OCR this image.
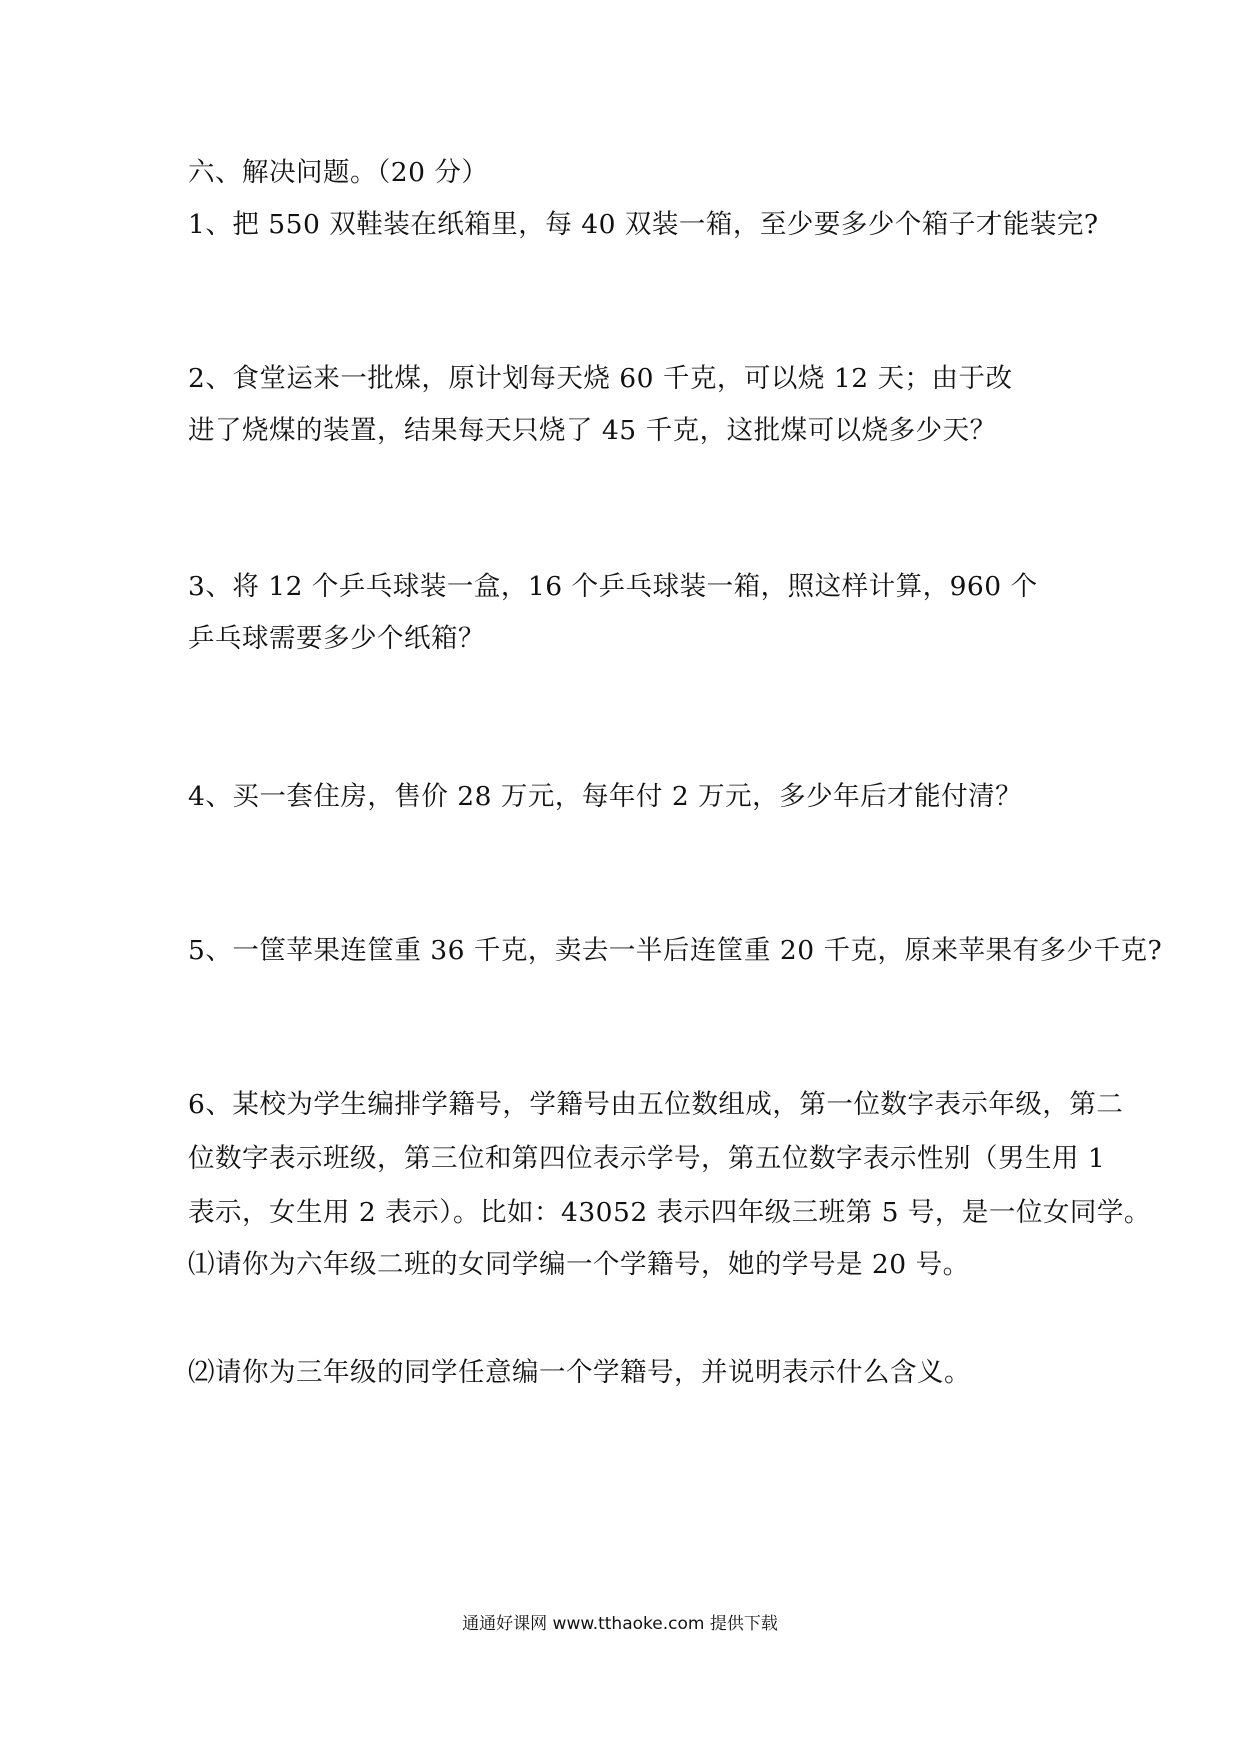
六、解决问题。（20 分）
1、把 550 双鞋装在纸箱里，每 40 双装一箱，至少要多少个箱子才能装完?
2、食堂运来一批煤，原计划每天烧 60 千克，可以烧 12 天；由于改
进了烧煤的装置，结果每天只烧了 45 千克，这批煤可以烧多少天？
3、将 12 个乒乓球装一盒，16 个乒乓球装一箱，照这样计算，960 个
乒乓球需要多少个纸箱？
4、买一套住房，售价 28 万元，每年付 2 万元，多少年后才能付清？
5、一筐苹果连筐重 36 千克，卖去一半后连筐重 20 千克，原来苹果有多少千克?
6、某校为学生编排学籍号，学籍号由五位数组成，第一位数字表示年级，第二
位数字表示班级，第三位和第四位表示学号，第五位数字表示性别（男生用 1
表示，女生用 2 表示）。比如：43052 表示四年级三班第 5 号，是一位女同学。
⑴请你为六年级二班的女同学编一个学籍号，她的学号是 20 号。
⑵请你为三年级的同学任意编一个学籍号，并说明表示什么含义。
通通好课网 www.tthaoke.com 提供下载
